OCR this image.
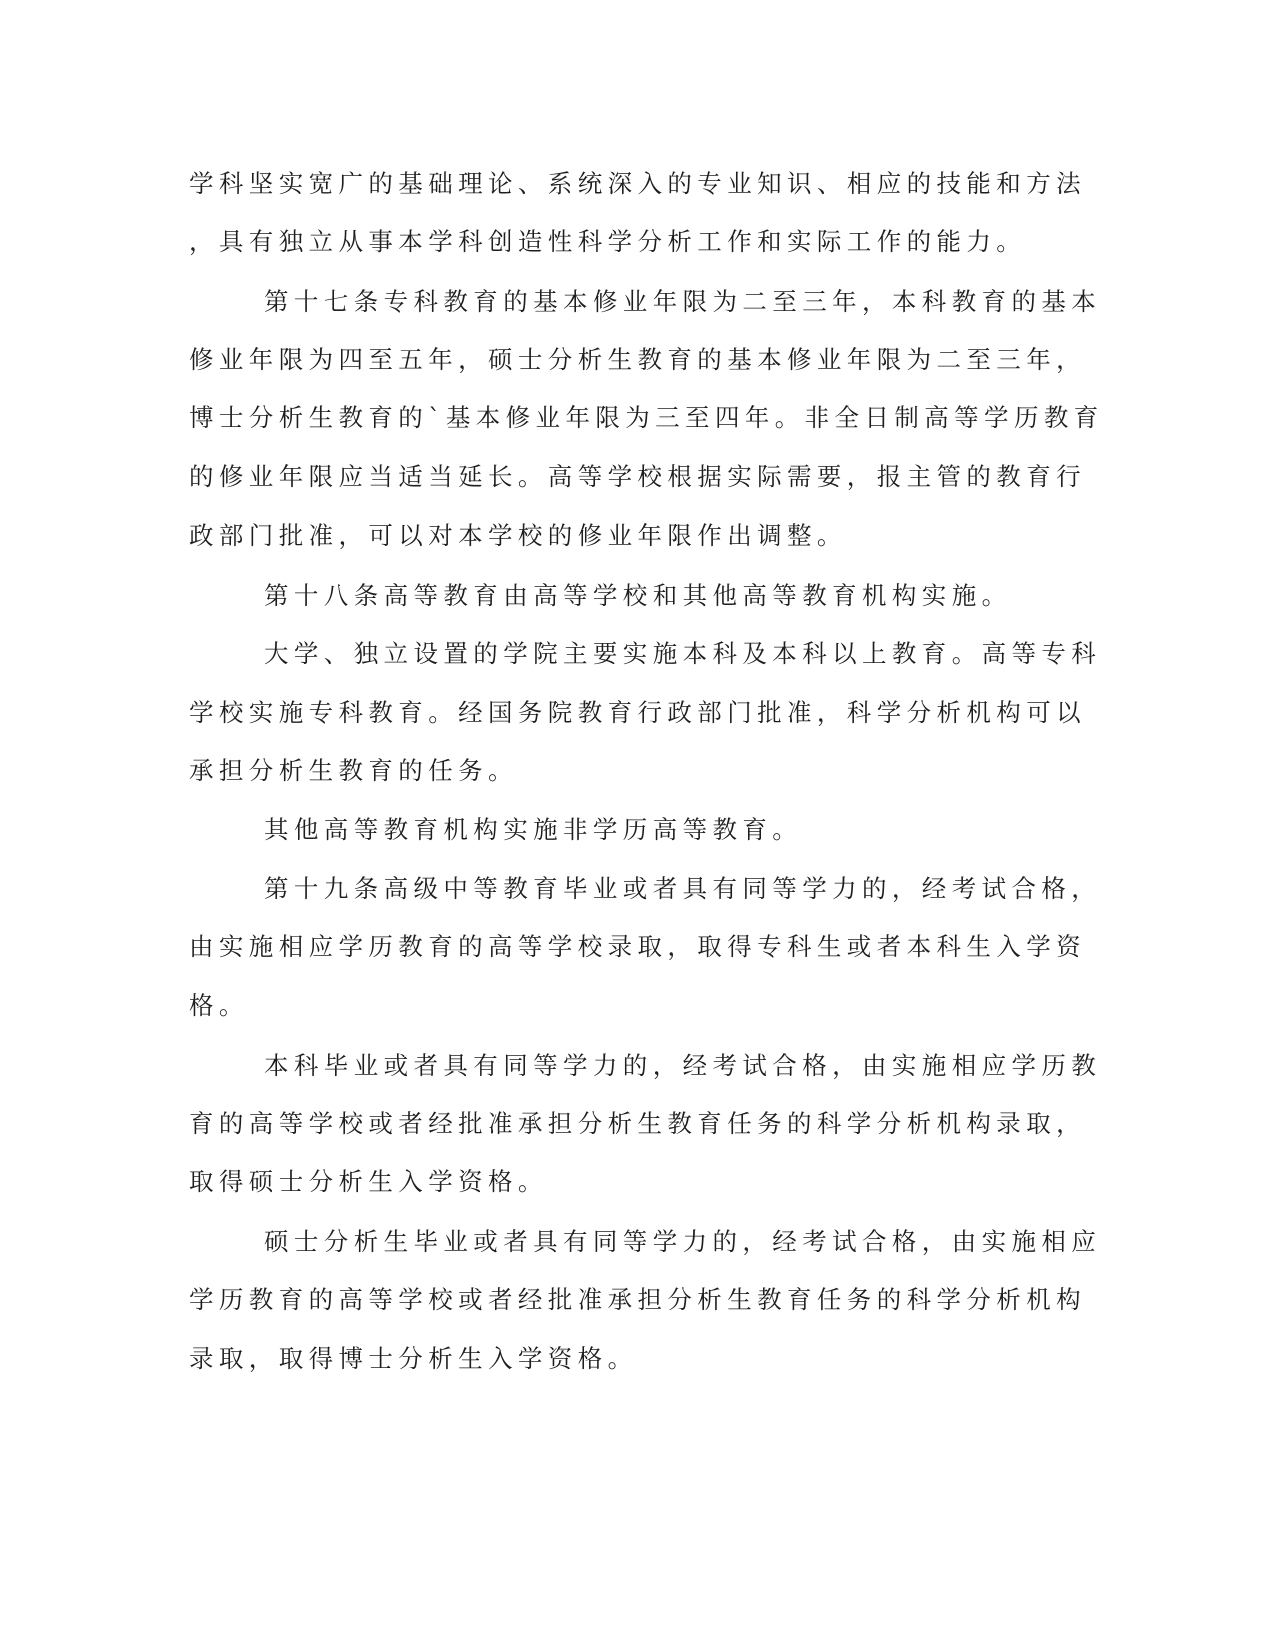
学科坚实宽广的基础理论、系统深入的专业知识、相应的技能和方法
，具有独立从事本学科创造性科学分析工作和实际工作的能力。
第十七条专科教育的基本修业年限为二至三年，本科教育的基本
修业年限为四至五年，硕士分析生教育的基本修业年限为二至三年，
博士分析生教育的`基本修业年限为三至四年。非全日制高等学历教育
的修业年限应当适当延长。高等学校根据实际需要，报主管的教育行
政部门批准，可以对本学校的修业年限作出调整。
第十八条高等教育由高等学校和其他高等教育机构实施。
大学、独立设置的学院主要实施本科及本科以上教育。高等专科
学校实施专科教育。经国务院教育行政部门批准，科学分析机构可以
承担分析生教育的任务。
其他高等教育机构实施非学历高等教育。
第十九条高级中等教育毕业或者具有同等学力的，经考试合格，
由实施相应学历教育的高等学校录取，取得专科生或者本科生入学资
格。
本科毕业或者具有同等学力的，经考试合格，由实施相应学历教
育的高等学校或者经批准承担分析生教育任务的科学分析机构录取，
取得硕士分析生入学资格。
硕士分析生毕业或者具有同等学力的，经考试合格，由实施相应
学历教育的高等学校或者经批准承担分析生教育任务的科学分析机构
录取，取得博士分析生入学资格。
